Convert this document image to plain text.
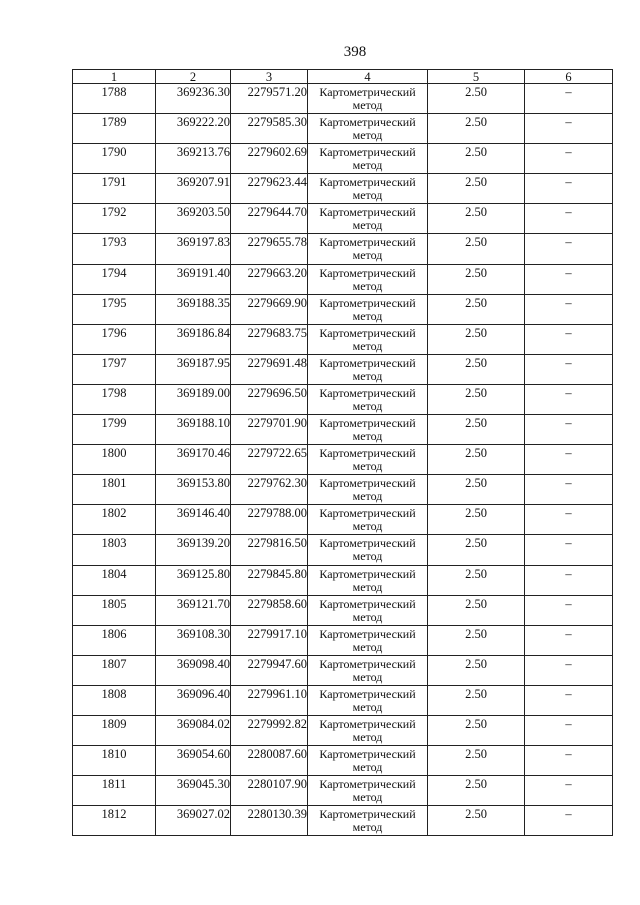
398
1	2	3	4	5	6
1788	369236.30	2279571.20	Картометрический метод	2.50	–
1789	369222.20	2279585.30	Картометрический метод	2.50	–
1790	369213.76	2279602.69	Картометрический метод	2.50	–
1791	369207.91	2279623.44	Картометрический метод	2.50	–
1792	369203.50	2279644.70	Картометрический метод	2.50	–
1793	369197.83	2279655.78	Картометрический метод	2.50	–
1794	369191.40	2279663.20	Картометрический метод	2.50	–
1795	369188.35	2279669.90	Картометрический метод	2.50	–
1796	369186.84	2279683.75	Картометрический метод	2.50	–
1797	369187.95	2279691.48	Картометрический метод	2.50	–
1798	369189.00	2279696.50	Картометрический метод	2.50	–
1799	369188.10	2279701.90	Картометрический метод	2.50	–
1800	369170.46	2279722.65	Картометрический метод	2.50	–
1801	369153.80	2279762.30	Картометрический метод	2.50	–
1802	369146.40	2279788.00	Картометрический метод	2.50	–
1803	369139.20	2279816.50	Картометрический метод	2.50	–
1804	369125.80	2279845.80	Картометрический метод	2.50	–
1805	369121.70	2279858.60	Картометрический метод	2.50	–
1806	369108.30	2279917.10	Картометрический метод	2.50	–
1807	369098.40	2279947.60	Картометрический метод	2.50	–
1808	369096.40	2279961.10	Картометрический метод	2.50	–
1809	369084.02	2279992.82	Картометрический метод	2.50	–
1810	369054.60	2280087.60	Картометрический метод	2.50	–
1811	369045.30	2280107.90	Картометрический метод	2.50	–
1812	369027.02	2280130.39	Картометрический метод	2.50	–
